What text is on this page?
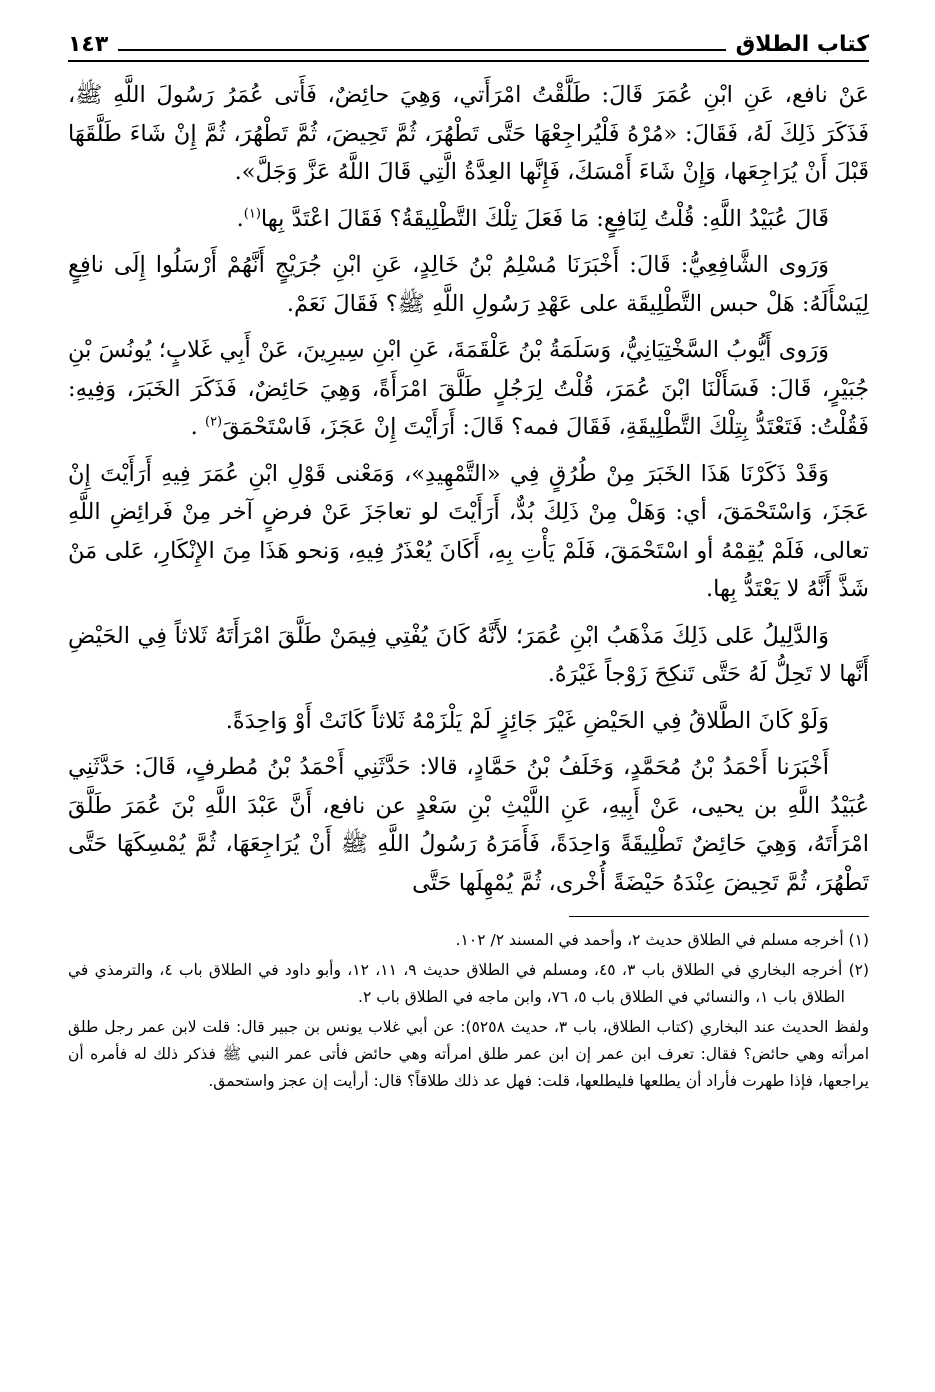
كتاب الطلاق
١٤٣

عَنْ نافع، عَنِ ابْنِ عُمَرَ قَالَ: طَلَّقْتُ امْرَأَتي، وَهِيَ حائِضٌ، فَأَتى عُمَرُ رَسُولَ اللَّهِ ﷺ، فَذَكَرَ ذَلِكَ لَهُ، فَقَالَ: «مُرْهُ فَلْيُراجِعْهَا حَتَّى تَطْهُرَ، ثُمَّ تَحِيضَ، ثُمَّ تَطْهُرَ، ثُمَّ إِنْ شَاءَ طَلَّقَهَا قَبْلَ أَنْ يُرَاجِعَها، وَإِنْ شَاءَ أَمْسَكَ، فَإِنَّها العِدَّةُ الَّتِي قَالَ اللَّهُ عَزَّ وَجَلَّ».

قَالَ عُبَيْدُ اللَّهِ: قُلْتُ لِنَافِعٍ: مَا فَعَلَ تِلْكَ التَّطْلِيقَةُ؟ فَقَالَ اعْتَدَّ بِها$^{(١)}$.

وَرَوى الشَّافِعِيُّ: قَالَ: أَخْبَرَنَا مُسْلِمُ بْنُ خَالِدٍ، عَنِ ابْنِ جُرَيْجٍ أَنَّهُمْ أَرْسَلُوا إِلَى نافِعٍ لِيَسْأَلَهُ: هَلْ حبس التَّطْلِيقَة على عَهْدِ رَسُولِ اللَّهِ ﷺ؟ فَقَالَ نَعَمْ.

وَرَوى أَيُّوبُ السَّخْتِيَانِيُّ، وَسَلَمَةُ بْنُ عَلْقَمَةَ، عَنِ ابْنِ سِيرِينَ، عَنْ أَبِي غَلابٍ؛ يُونُسَ بْنِ جُبَيْرٍ، قَالَ: فَسَأَلْنَا ابْنَ عُمَرَ، قُلْتُ لِرَجُلٍ طَلَّقَ امْرَأَةً، وَهِيَ حَائِضٌ، فَذَكَرَ الخَبَرَ، وَفِيهِ: فَقُلْتُ: فَتَعْتَدُّ بِتِلْكَ التَّطْلِيقَةِ، فَقَالَ فمه؟ قَالَ: أَرَأَيْتَ إِنْ عَجَزَ، فَاسْتَحْمَقَ$^{(٢)}$ .

وَقَدْ ذَكَرْنَا هَذَا الخَبَرَ مِنْ طُرُقٍ فِي «التَّمْهِيدِ»، وَمَعْنى قَوْلِ ابْنِ عُمَرَ فِيهِ أَرَأَيْتَ إِنْ عَجَزَ، وَاسْتَحْمَقَ، أي: وَهَلْ مِنْ ذَلِكَ بُدٌّ، أَرَأَيْتَ لو تعاجَزَ عَنْ فرضٍ آخر مِنْ فَرائِضِ اللَّهِ تعالى، فَلَمْ يُقِمْهُ أو اسْتَحْمَقَ، فَلَمْ يَأْتِ بِهِ، أَكَانَ يُعْذَرُ فِيهِ، وَنحو هَذَا مِنَ الإِنْكَارِ، عَلى مَنْ شَذَّ أَنَّهُ لا يَعْتَدُّ بِها.

وَالدَّلِيلُ عَلى ذَلِكَ مَذْهَبُ ابْنِ عُمَرَ؛ لأَنَّهُ كَانَ يُفْتِي فِيمَنْ طَلَّقَ امْرَأَتَهُ ثَلاثاً فِي الحَيْضِ أَنَّها لا تَحِلُّ لَهُ حَتَّى تَنكِحَ زَوْجاً غَيْرَهُ.

وَلَوْ كَانَ الطَّلاقُ فِي الحَيْضِ غَيْرَ جَائِزٍ لَمْ يَلْزَمْهُ ثَلاثاً كَانَتْ أَوْ وَاحِدَةً.

أَخْبَرَنا أَحْمَدُ بْنُ مُحَمَّدٍ، وَخَلَفُ بْنُ حَمَّادٍ، قالا: حَدَّثَنِي أَحْمَدُ بْنُ مُطرفٍ، قَالَ: حَدَّثَنِي عُبَيْدُ اللَّهِ بن يحيى، عَنْ أَبِيهِ، عَنِ اللَّيْثِ بْنِ سَعْدٍ عن نافع، أَنَّ عَبْدَ اللَّهِ بْنَ عُمَرَ طَلَّقَ امْرَأَتَهُ، وَهِيَ حَائِضٌ تَطْلِيقَةً وَاحِدَةً، فَأَمَرَهُ رَسُولُ اللَّهِ ﷺ أَنْ يُرَاجِعَهَا، ثُمَّ يُمْسِكَهَا حَتَّى تَطْهُرَ، ثُمَّ تَحِيضَ عِنْدَهُ حَيْضَةً أُخْرى، ثُمَّ يُمْهِلَها حَتَّى

(١) أخرجه مسلم في الطلاق حديث ٢، وأحمد في المسند ٢/ ١٠٢.

(٢) أخرجه البخاري في الطلاق باب ٣، ٤٥، ومسلم في الطلاق حديث ٩، ١١، ١٢، وأبو داود في الطلاق باب ٤، والترمذي في الطلاق باب ١، والنسائي في الطلاق باب ٥، ٧٦، وابن ماجه في الطلاق باب ٢.

ولفظ الحديث عند البخاري (كتاب الطلاق، باب ٣، حديث ٥٢٥٨): عن أبي غلاب يونس بن جبير قال: قلت لابن عمر رجل طلق امرأته وهي حائض؟ فقال: تعرف ابن عمر إن ابن عمر طلق امرأته وهي حائض فأتى عمر النبي ﷺ فذكر ذلك له فأمره أن يراجعها، فإذا طهرت فأراد أن يطلعها فليطلعها، قلت: فهل عد ذلك طلاقاً؟ قال: أرأيت إن عجز واستحمق.
